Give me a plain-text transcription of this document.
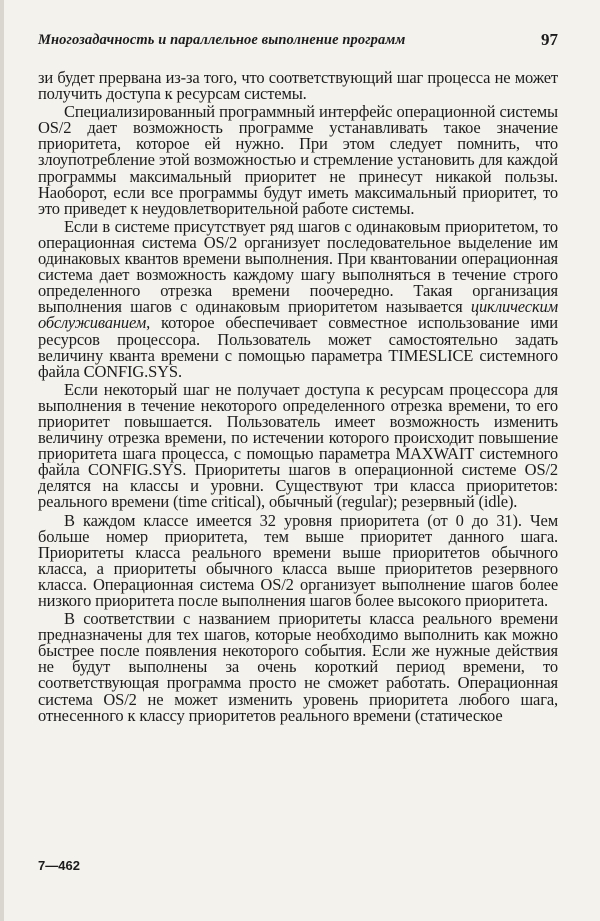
Многозадачность и параллельное выполнение программ	97

зи будет прервана из-за того, что соответствующий шаг процесса не может получить доступа к ресурсам системы.

Специализированный программный интерфейс операционной системы OS/2 дает возможность программе устанавливать такое значение приоритета, которое ей нужно. При этом следует помнить, что злоупотребление этой возможностью и стремление установить для каждой программы максимальный приоритет не принесут никакой пользы. Наоборот, если все программы будут иметь максимальный приоритет, то это приведет к неудовлетворительной работе системы.

Если в системе присутствует ряд шагов с одинаковым приоритетом, то операционная система OS/2 организует последовательное выделение им одинаковых квантов времени выполнения. При квантовании операционная система дает возможность каждому шагу выполняться в течение строго определенного отрезка времени поочередно. Такая организация выполнения шагов с одинаковым приоритетом называется циклическим обслуживанием, которое обеспечивает совместное использование ими ресурсов процессора. Пользователь может самостоятельно задать величину кванта времени с помощью параметра TIMESLICE системного файла CONFIG.SYS.

Если некоторый шаг не получает доступа к ресурсам процессора для выполнения в течение некоторого определенного отрезка времени, то его приоритет повышается. Пользователь имеет возможность изменить величину отрезка времени, по истечении которого происходит повышение приоритета шага процесса, с помощью параметра MAXWAIT системного файла CONFIG.SYS. Приоритеты шагов в операционной системе OS/2 делятся на классы и уровни. Существуют три класса приоритетов: реального времени (time critical), обычный (regular); резервный (idle).

В каждом классе имеется 32 уровня приоритета (от 0 до 31). Чем больше номер приоритета, тем выше приоритет данного шага. Приоритеты класса реального времени выше приоритетов обычного класса, а приоритеты обычного класса выше приоритетов резервного класса. Операционная система OS/2 организует выполнение шагов более низкого приоритета после выполнения шагов более высокого приоритета.

В соответствии с названием приоритеты класса реального времени предназначены для тех шагов, которые необходимо выполнить как можно быстрее после появления некоторого события. Если же нужные действия не будут выполнены за очень короткий период времени, то соответствующая программа просто не сможет работать. Операционная система OS/2 не может изменить уровень приоритета любого шага, отнесенного к классу приоритетов реального времени (статическое

7—462
